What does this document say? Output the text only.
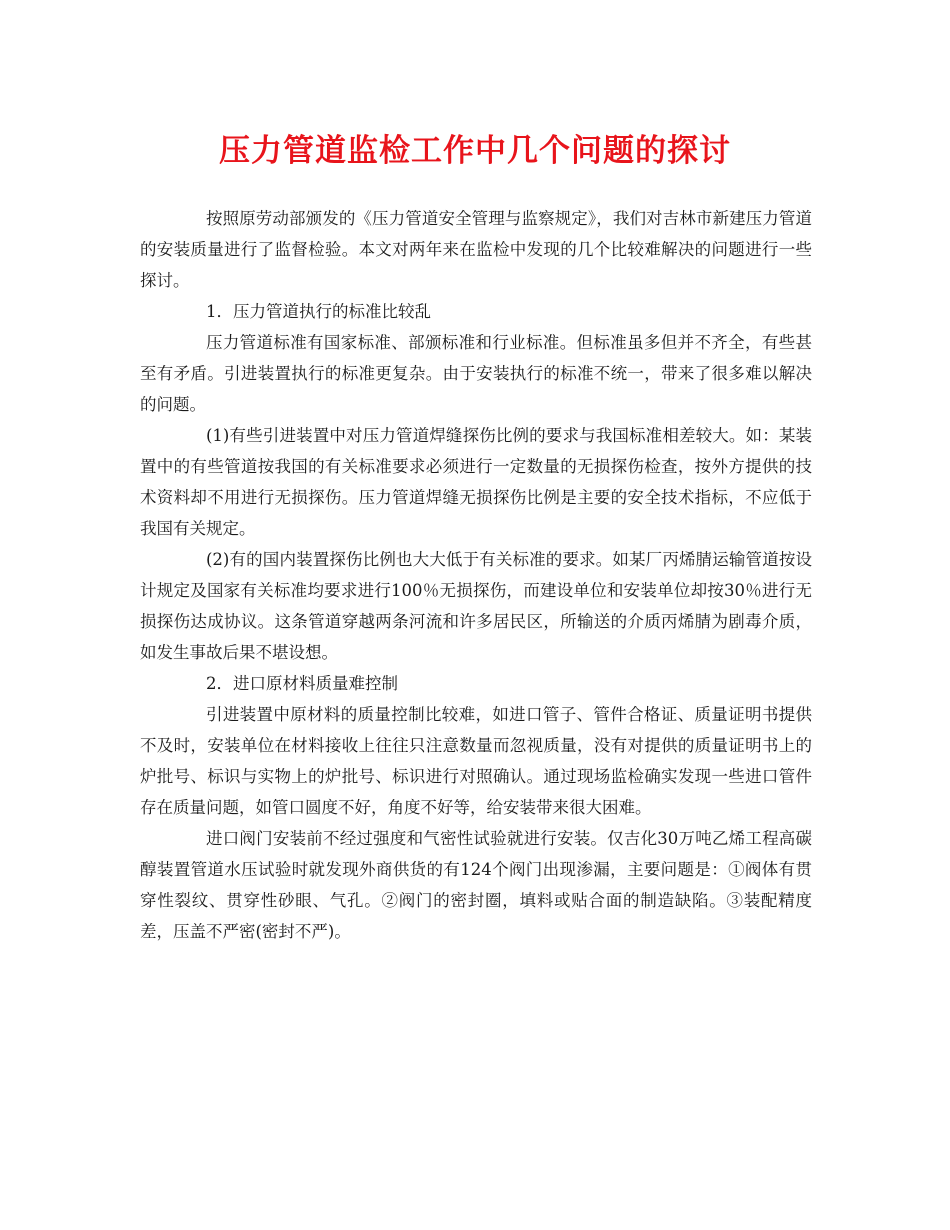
压力管道监检工作中几个问题的探讨

按照原劳动部颁发的《压力管道安全管理与监察规定》，我们对吉林市新建压力管道的安装质量进行了监督检验。本文对两年来在监检中发现的几个比较难解决的问题进行一些探讨。

1．压力管道执行的标准比较乱

压力管道标准有国家标准、部颁标准和行业标准。但标准虽多但并不齐全，有些甚至有矛盾。引进装置执行的标准更复杂。由于安装执行的标准不统一，带来了很多难以解决的问题。

(1)有些引进装置中对压力管道焊缝探伤比例的要求与我国标准相差较大。如：某装置中的有些管道按我国的有关标准要求必须进行一定数量的无损探伤检查，按外方提供的技术资料却不用进行无损探伤。压力管道焊缝无损探伤比例是主要的安全技术指标，不应低于我国有关规定。

(2)有的国内装置探伤比例也大大低于有关标准的要求。如某厂丙烯腈运输管道按设计规定及国家有关标准均要求进行100％无损探伤，而建设单位和安装单位却按30％进行无损探伤达成协议。这条管道穿越两条河流和许多居民区，所输送的介质丙烯腈为剧毒介质，如发生事故后果不堪设想。

2．进口原材料质量难控制

引进装置中原材料的质量控制比较难，如进口管子、管件合格证、质量证明书提供不及时，安装单位在材料接收上往往只注意数量而忽视质量，没有对提供的质量证明书上的炉批号、标识与实物上的炉批号、标识进行对照确认。通过现场监检确实发现一些进口管件存在质量问题，如管口圆度不好，角度不好等，给安装带来很大困难。

进口阀门安装前不经过强度和气密性试验就进行安装。仅吉化30万吨乙烯工程高碳醇装置管道水压试验时就发现外商供货的有124个阀门出现渗漏，主要问题是：①阀体有贯穿性裂纹、贯穿性砂眼、气孔。②阀门的密封圈，填料或贴合面的制造缺陷。③装配精度差，压盖不严密(密封不严)。
